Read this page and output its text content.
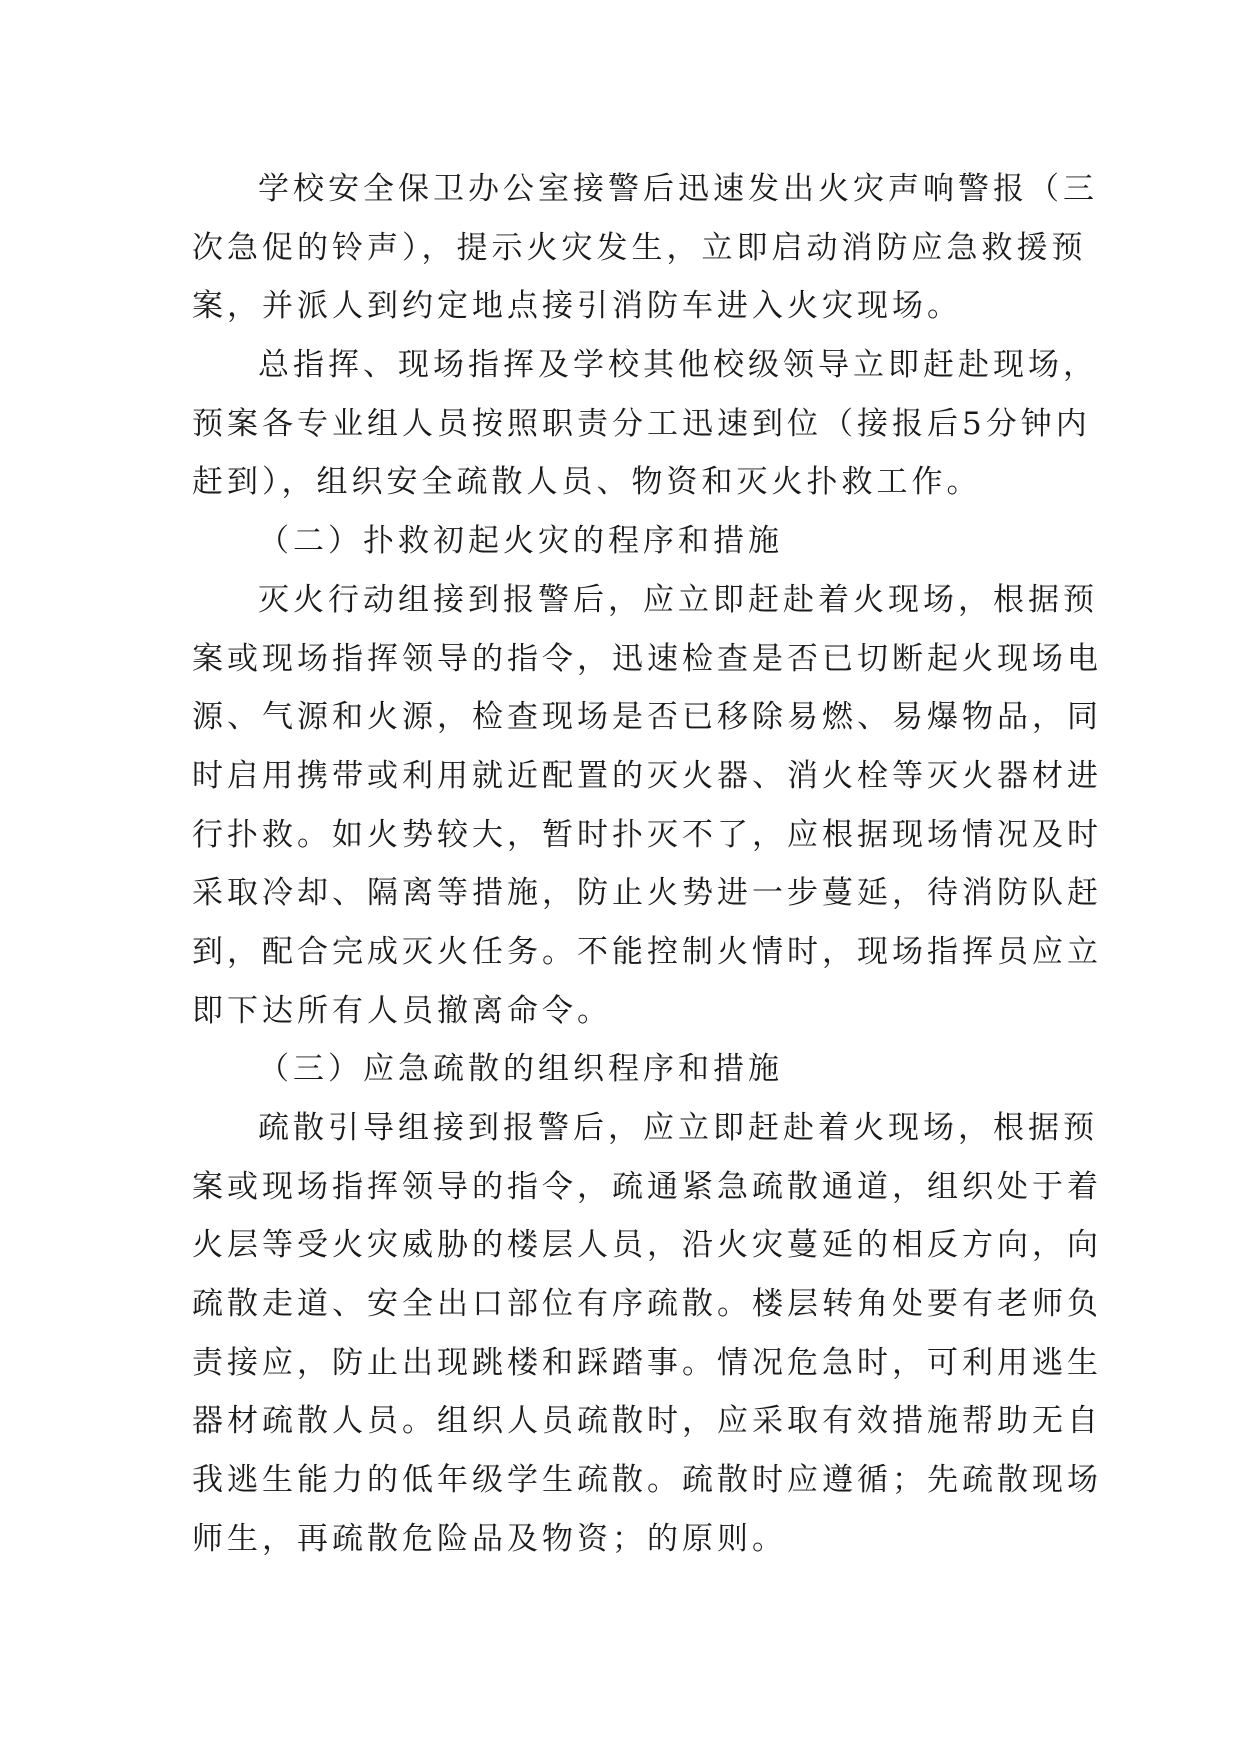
学校安全保卫办公室接警后迅速发出火灾声响警报（三
次急促的铃声），提示火灾发生，立即启动消防应急救援预
案，并派人到约定地点接引消防车进入火灾现场。
总指挥、现场指挥及学校其他校级领导立即赶赴现场，
预案各专业组人员按照职责分工迅速到位（接报后5分钟内
赶到），组织安全疏散人员、物资和灭火扑救工作。
（二）扑救初起火灾的程序和措施
灭火行动组接到报警后，应立即赶赴着火现场，根据预
案或现场指挥领导的指令，迅速检查是否已切断起火现场电
源、气源和火源，检查现场是否已移除易燃、易爆物品，同
时启用携带或利用就近配置的灭火器、消火栓等灭火器材进
行扑救。如火势较大，暂时扑灭不了，应根据现场情况及时
采取冷却、隔离等措施，防止火势进一步蔓延，待消防队赶
到，配合完成灭火任务。不能控制火情时，现场指挥员应立
即下达所有人员撤离命令。
（三）应急疏散的组织程序和措施
疏散引导组接到报警后，应立即赶赴着火现场，根据预
案或现场指挥领导的指令，疏通紧急疏散通道，组织处于着
火层等受火灾威胁的楼层人员，沿火灾蔓延的相反方向，向
疏散走道、安全出口部位有序疏散。楼层转角处要有老师负
责接应，防止出现跳楼和踩踏事。情况危急时，可利用逃生
器材疏散人员。组织人员疏散时，应采取有效措施帮助无自
我逃生能力的低年级学生疏散。疏散时应遵循；先疏散现场
师生，再疏散危险品及物资；的原则。
